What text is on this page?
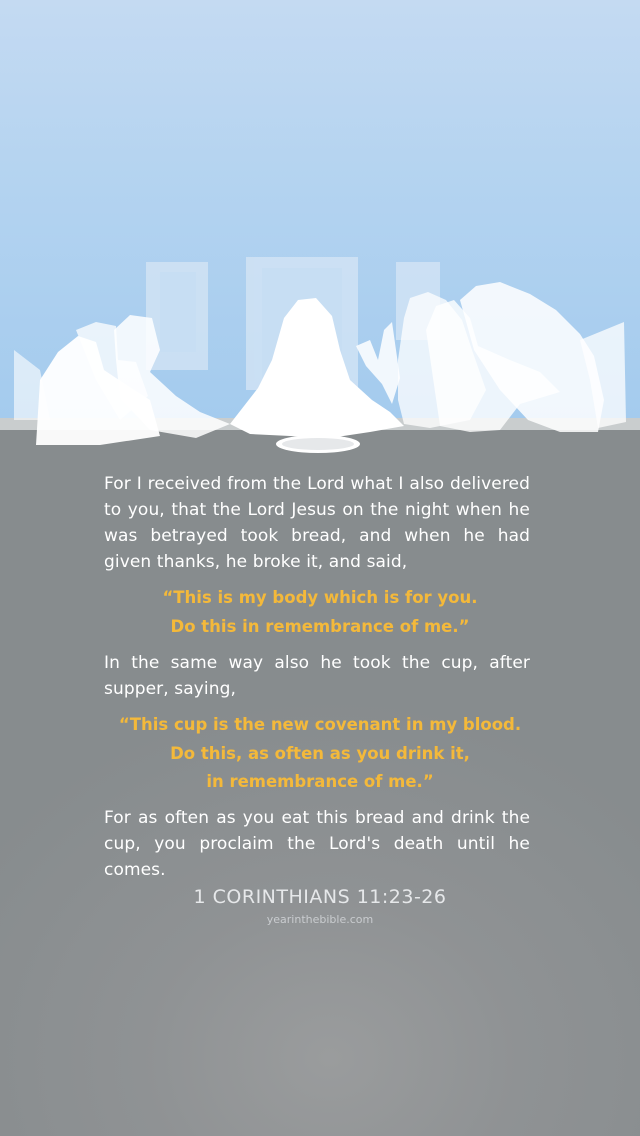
For I received from the Lord what I also delivered to you, that the Lord Jesus on the night when he was betrayed took bread, and when he had given thanks, he broke it, and said,
“This is my body which is for you.
Do this in remembrance of me.”
In the same way also he took the cup, after supper, saying,
“This cup is the new covenant in my blood.
Do this, as often as you drink it,
in remembrance of me.”
For as often as you eat this bread and drink the cup, you proclaim the Lord's death until he comes.
1 CORINTHIANS 11:23-26
yearinthebible.com
